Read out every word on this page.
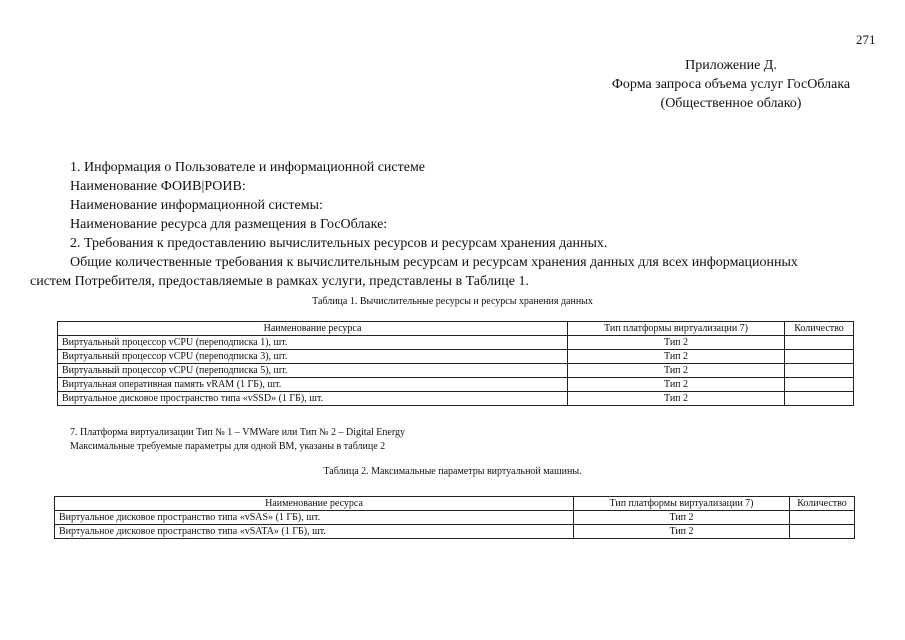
271
Приложение Д.
Форма запроса объема услуг ГосОблака
(Общественное облако)
1. Информация о Пользователе и информационной системе
Наименование ФОИВ|РОИВ:
Наименование информационной системы:
Наименование ресурса для размещения в ГосОблаке:
2. Требования к предоставлению вычислительных ресурсов и ресурсам хранения данных.
Общие количественные требования к вычислительным ресурсам и ресурсам хранения данных для всех информационных
систем Потребителя, предоставляемые в рамках услуги, представлены в Таблице 1.
Таблица 1. Вычислительные ресурсы и ресурсы хранения данных
Наименование ресурса	Тип платформы виртуализации 7)	Количество
Виртуальный процессор vCPU (переподписка 1), шт.	Тип 2	
Виртуальный процессор vCPU (переподписка 3), шт.	Тип 2	
Виртуальный процессор vCPU (переподписка 5), шт.	Тип 2	
Виртуальная оперативная память vRAM (1 ГБ), шт.	Тип 2	
Виртуальное дисковое пространство типа «vSSD» (1 ГБ), шт.	Тип 2	
7. Платформа виртуализации Тип № 1 – VMWare или Тип № 2 – Digital Energy
Максимальные требуемые параметры для одной ВМ, указаны в таблице 2
Таблица 2. Максимальные параметры виртуальной машины.
Наименование ресурса	Тип платформы виртуализации 7)	Количество
Виртуальное дисковое пространство типа «vSAS» (1 ГБ), шт.	Тип 2	
Виртуальное дисковое пространство типа «vSATA» (1 ГБ), шт.	Тип 2	
